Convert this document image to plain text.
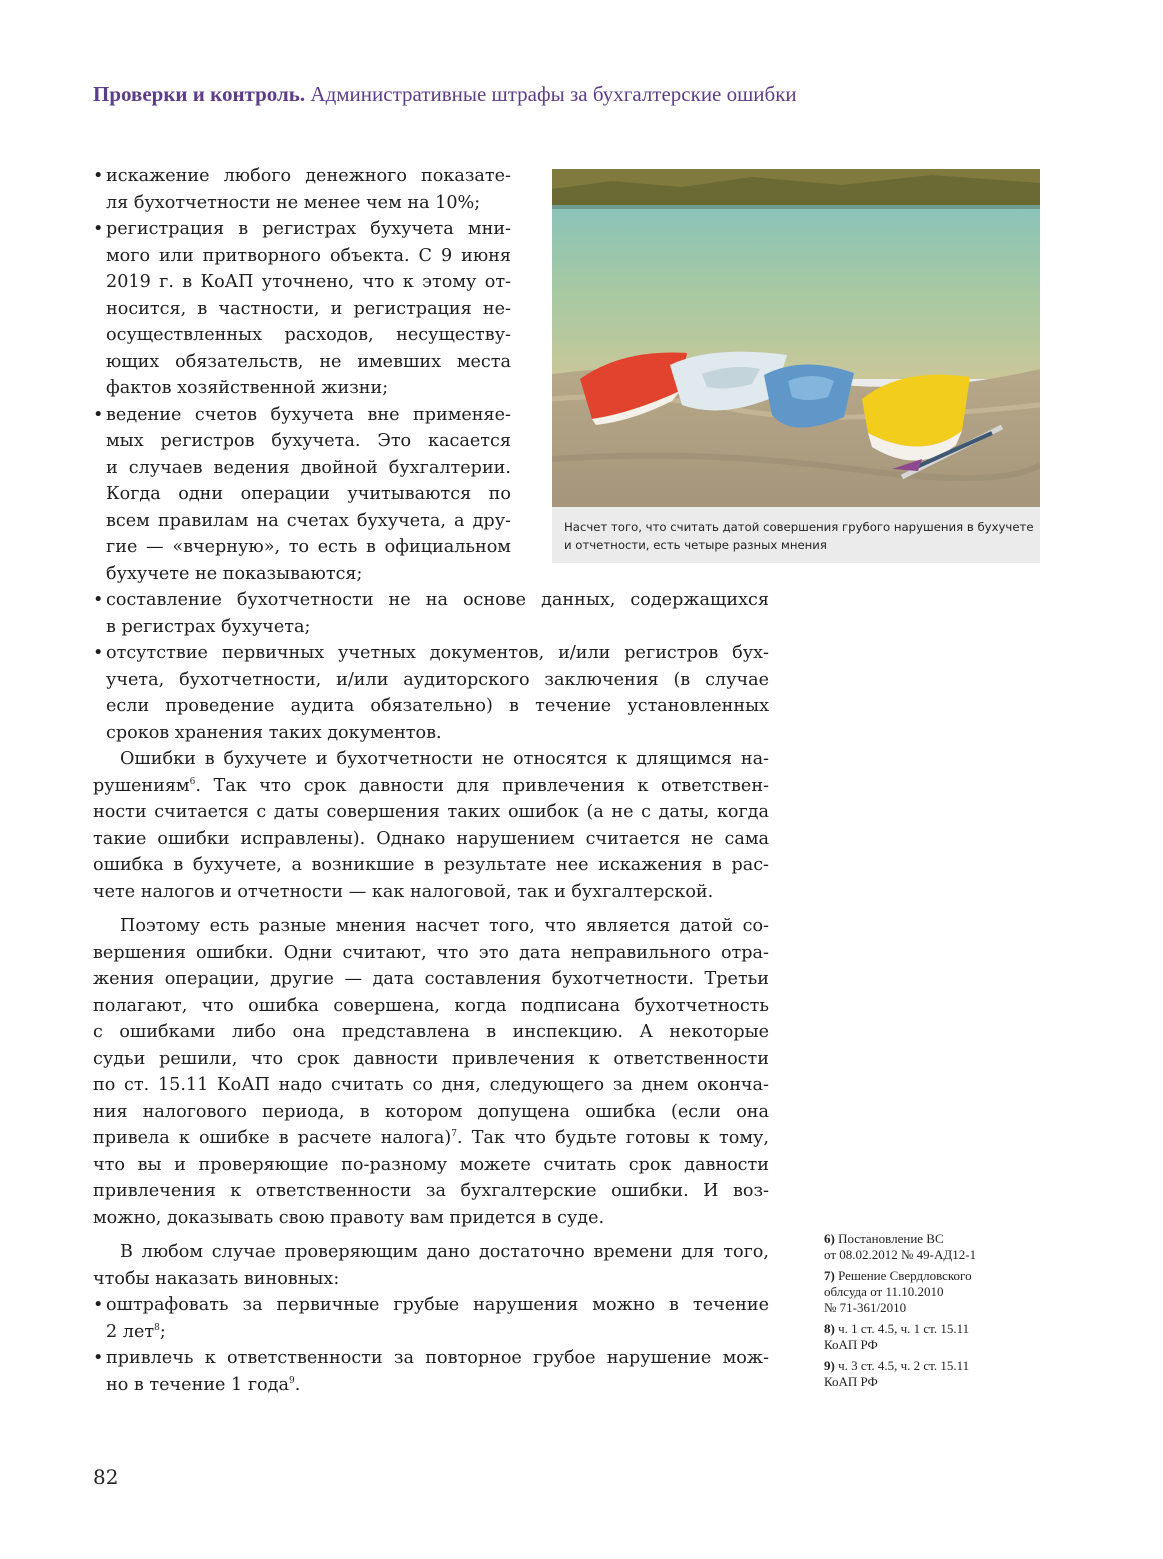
Проверки и контроль. Административные штрафы за бухгалтерские ошибки
Насчет того, что считать датой совершения грубого нарушения в бухучете
и отчетности, есть четыре разных мнения
• искажение любого денежного показате-
ля бухотчетности не менее чем на 10%;
• регистрация в регистрах бухучета мни-
мого или притворного объекта. С 9 июня
2019 г. в КоАП уточнено, что к этому от-
носится, в частности, и регистрация не-
осуществленных расходов, несуществу-
ющих обязательств, не имевших места
фактов хозяйственной жизни;
• ведение счетов бухучета вне применяе-
мых регистров бухучета. Это касается
и случаев ведения двойной бухгалтерии.
Когда одни операции учитываются по
всем правилам на счетах бухучета, а дру-
гие — «вчерную», то есть в официальном
бухучете не показываются;
• составление бухотчетности не на основе данных, содержащихся
в регистрах бухучета;
• отсутствие первичных учетных документов, и/или регистров бух-
учета, бухотчетности, и/или аудиторского заключения (в случае
если проведение аудита обязательно) в течение установленных
сроков хранения таких документов.
Ошибки в бухучете и бухотчетности не относятся к длящимся на-
рушениям$^6$. Так что срок давности для привлечения к ответствен-
ности считается с даты совершения таких ошибок (а не с даты, когда
такие ошибки исправлены). Однако нарушением считается не сама
ошибка в бухучете, а возникшие в результате нее искажения в рас-
чете налогов и отчетности — как налоговой, так и бухгалтерской.
Поэтому есть разные мнения насчет того, что является датой со-
вершения ошибки. Одни считают, что это дата неправильного отра-
жения операции, другие — дата составления бухотчетности. Третьи
полагают, что ошибка совершена, когда подписана бухотчетность
с ошибками либо она представлена в инспекцию. А некоторые
судьи решили, что срок давности привлечения к ответственности
по ст. 15.11 КоАП надо считать со дня, следующего за днем оконча-
ния налогового периода, в котором допущена ошибка (если она
привела к ошибке в расчете налога)$^7$. Так что будьте готовы к тому,
что вы и проверяющие по-разному можете считать срок давности
привлечения к ответственности за бухгалтерские ошибки. И воз-
можно, доказывать свою правоту вам придется в суде.
В любом случае проверяющим дано достаточно времени для того,
чтобы наказать виновных:
• оштрафовать за первичные грубые нарушения можно в течение
2 лет$^8$;
• привлечь к ответственности за повторное грубое нарушение мож-
но в течение 1 года$^9$.
6) Постановление ВС
от 08.02.2012 № 49-АД12-1
7) Решение Свердловского
облсуда от 11.10.2010
№ 71-361/2010
8) ч. 1 ст. 4.5, ч. 1 ст. 15.11
КоАП РФ
9) ч. 3 ст. 4.5, ч. 2 ст. 15.11
КоАП РФ
82
